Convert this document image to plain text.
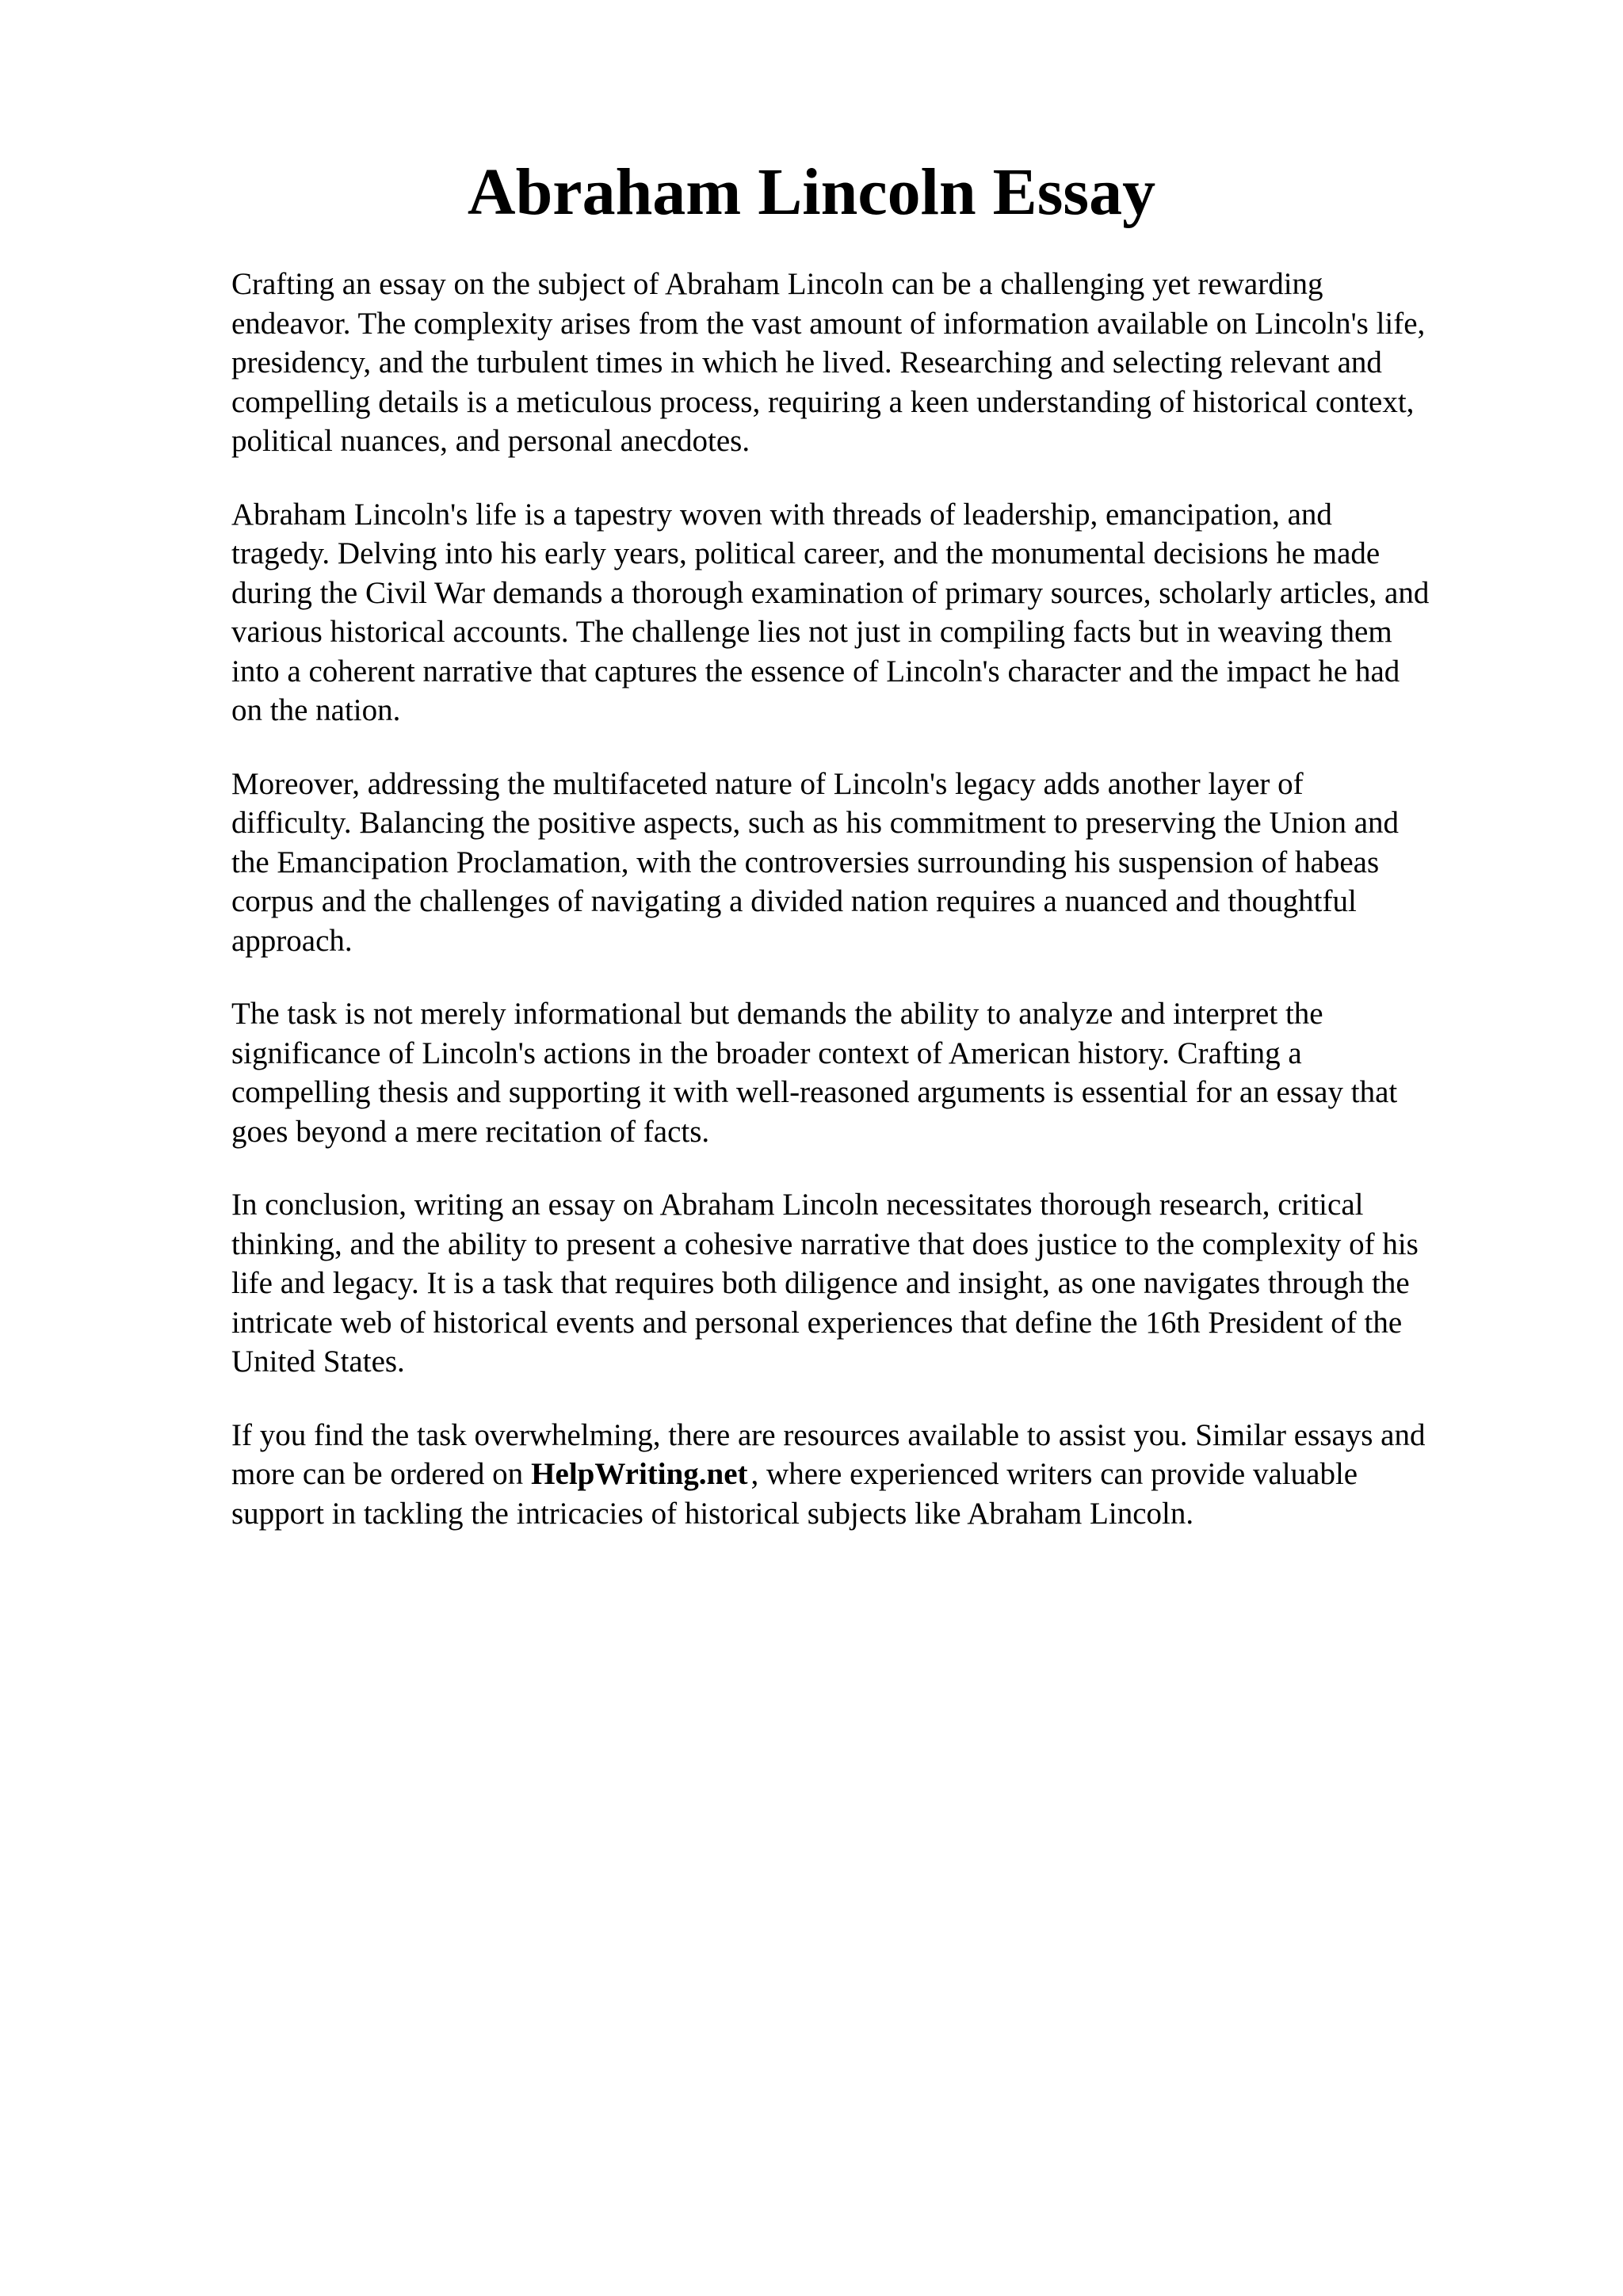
Abraham Lincoln Essay

Crafting an essay on the subject of Abraham Lincoln can be a challenging yet rewarding
endeavor. The complexity arises from the vast amount of information available on Lincoln's life,
presidency, and the turbulent times in which he lived. Researching and selecting relevant and
compelling details is a meticulous process, requiring a keen understanding of historical context,
political nuances, and personal anecdotes.

Abraham Lincoln's life is a tapestry woven with threads of leadership, emancipation, and
tragedy. Delving into his early years, political career, and the monumental decisions he made
during the Civil War demands a thorough examination of primary sources, scholarly articles, and
various historical accounts. The challenge lies not just in compiling facts but in weaving them
into a coherent narrative that captures the essence of Lincoln's character and the impact he had
on the nation.

Moreover, addressing the multifaceted nature of Lincoln's legacy adds another layer of
difficulty. Balancing the positive aspects, such as his commitment to preserving the Union and
the Emancipation Proclamation, with the controversies surrounding his suspension of habeas
corpus and the challenges of navigating a divided nation requires a nuanced and thoughtful
approach.

The task is not merely informational but demands the ability to analyze and interpret the
significance of Lincoln's actions in the broader context of American history. Crafting a
compelling thesis and supporting it with well-reasoned arguments is essential for an essay that
goes beyond a mere recitation of facts.

In conclusion, writing an essay on Abraham Lincoln necessitates thorough research, critical
thinking, and the ability to present a cohesive narrative that does justice to the complexity of his
life and legacy. It is a task that requires both diligence and insight, as one navigates through the
intricate web of historical events and personal experiences that define the 16th President of the
United States.

If you find the task overwhelming, there are resources available to assist you. Similar essays and
more can be ordered on HelpWriting.net , where experienced writers can provide valuable
support in tackling the intricacies of historical subjects like Abraham Lincoln.
